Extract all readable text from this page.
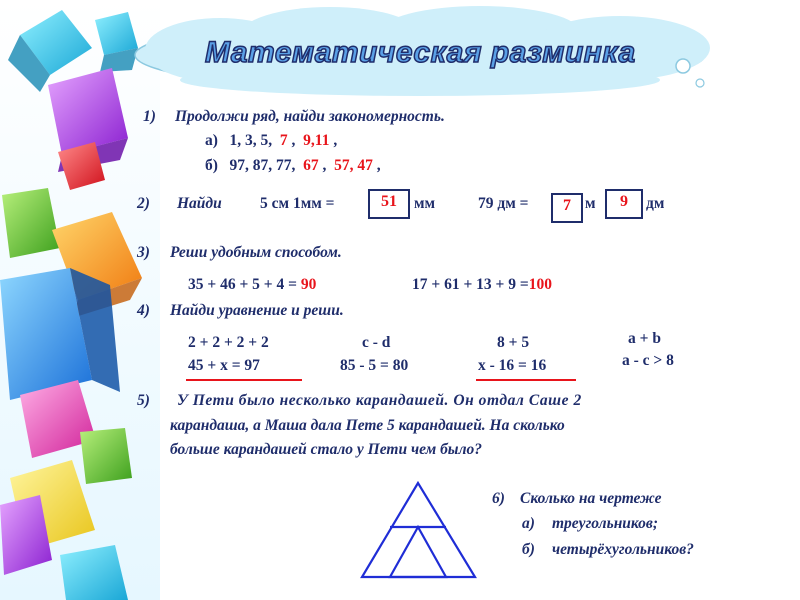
Математическая разминка
1) Продолжи ряд, найди закономерность.
а) 1, 3, 5, 7 , 9,11 ,
б) 97, 87, 77, 67 , 57, 47 ,
2) Найди 5 см 1мм =	51	мм	79 дм =	7 м	9	дм
3) Реши удобным способом.
35 + 46 + 5 + 4 = 90	17 + 61 + 13 + 9 =100
4) Найди уравнение и реши.
2 + 2 + 2 + 2
45 + х = 97
с - d
85 - 5 = 80
8 + 5
х - 16 = 16
а + b
а - с > 8
5) У Пети было несколько карандашей. Он отдал Саше 2
карандаша, а Маша дала Пете 5 карандашей. На сколько
больше карандашей стало у Пети чем было?
6) Сколько на чертеже
а) треугольников;
б) четырёхугольников?
